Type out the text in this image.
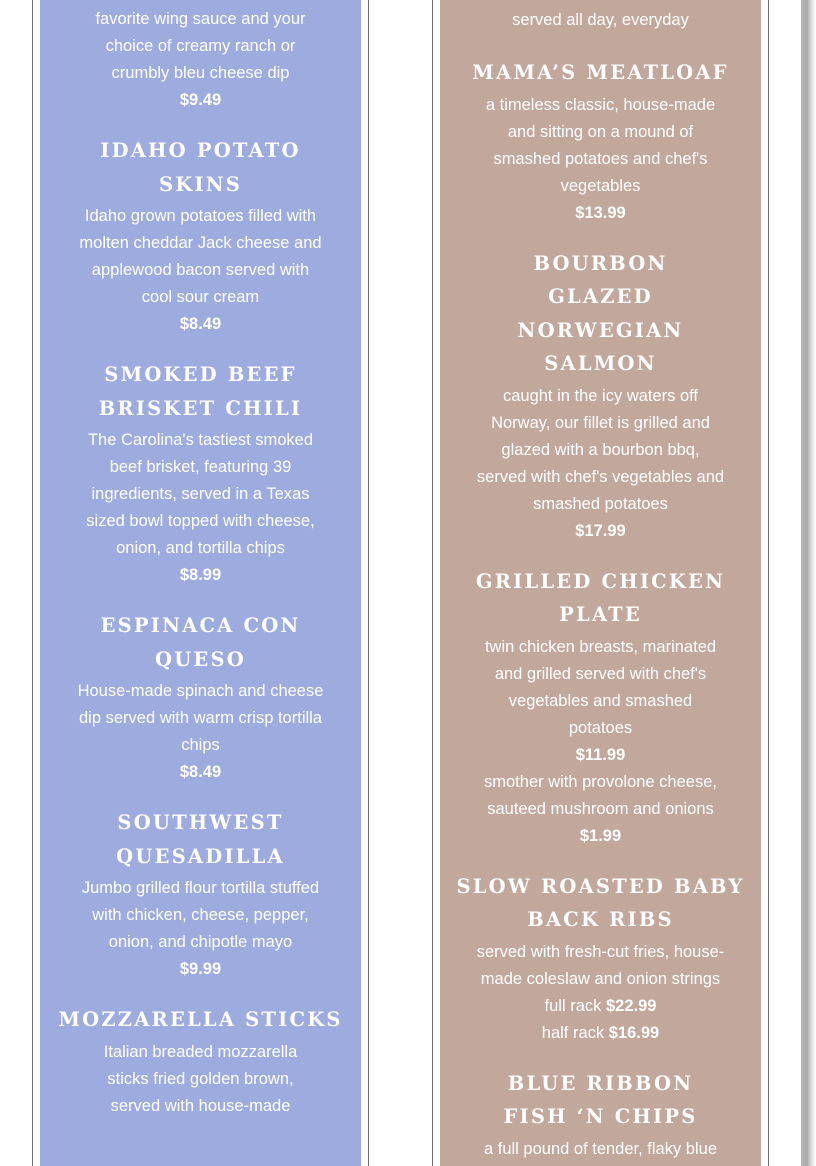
favorite wing sauce and your choice of creamy ranch or crumbly bleu cheese dip
$9.49
IDAHO POTATO SKINS
Idaho grown potatoes filled with molten cheddar Jack cheese and applewood bacon served with cool sour cream
$8.49
SMOKED BEEF BRISKET CHILI
The Carolina's tastiest smoked beef brisket, featuring 39 ingredients, served in a Texas sized bowl topped with cheese, onion, and tortilla chips
$8.99
ESPINACA CON QUESO
House-made spinach and cheese dip served with warm crisp tortilla chips
$8.49
SOUTHWEST QUESADILLA
Jumbo grilled flour tortilla stuffed with chicken, cheese, pepper, onion, and chipotle mayo
$9.99
MOZZARELLA STICKS
Italian breaded mozzarella sticks fried golden brown, served with house-made
served all day, everyday
MAMA’S MEATLOAF
a timeless classic, house-made and sitting on a mound of smashed potatoes and chef's vegetables
$13.99
BOURBON GLAZED NORWEGIAN SALMON
caught in the icy waters off Norway, our fillet is grilled and glazed with a bourbon bbq, served with chef's vegetables and smashed potatoes
$17.99
GRILLED CHICKEN PLATE
twin chicken breasts, marinated and grilled served with chef's vegetables and smashed potatoes
$11.99
smother with provolone cheese, sauteed mushroom and onions
$1.99
SLOW ROASTED BABY BACK RIBS
served with fresh-cut fries, house-made coleslaw and onion strings
full rack $22.99
half rack $16.99
BLUE RIBBON FISH ‘N CHIPS
a full pound of tender, flaky blue
